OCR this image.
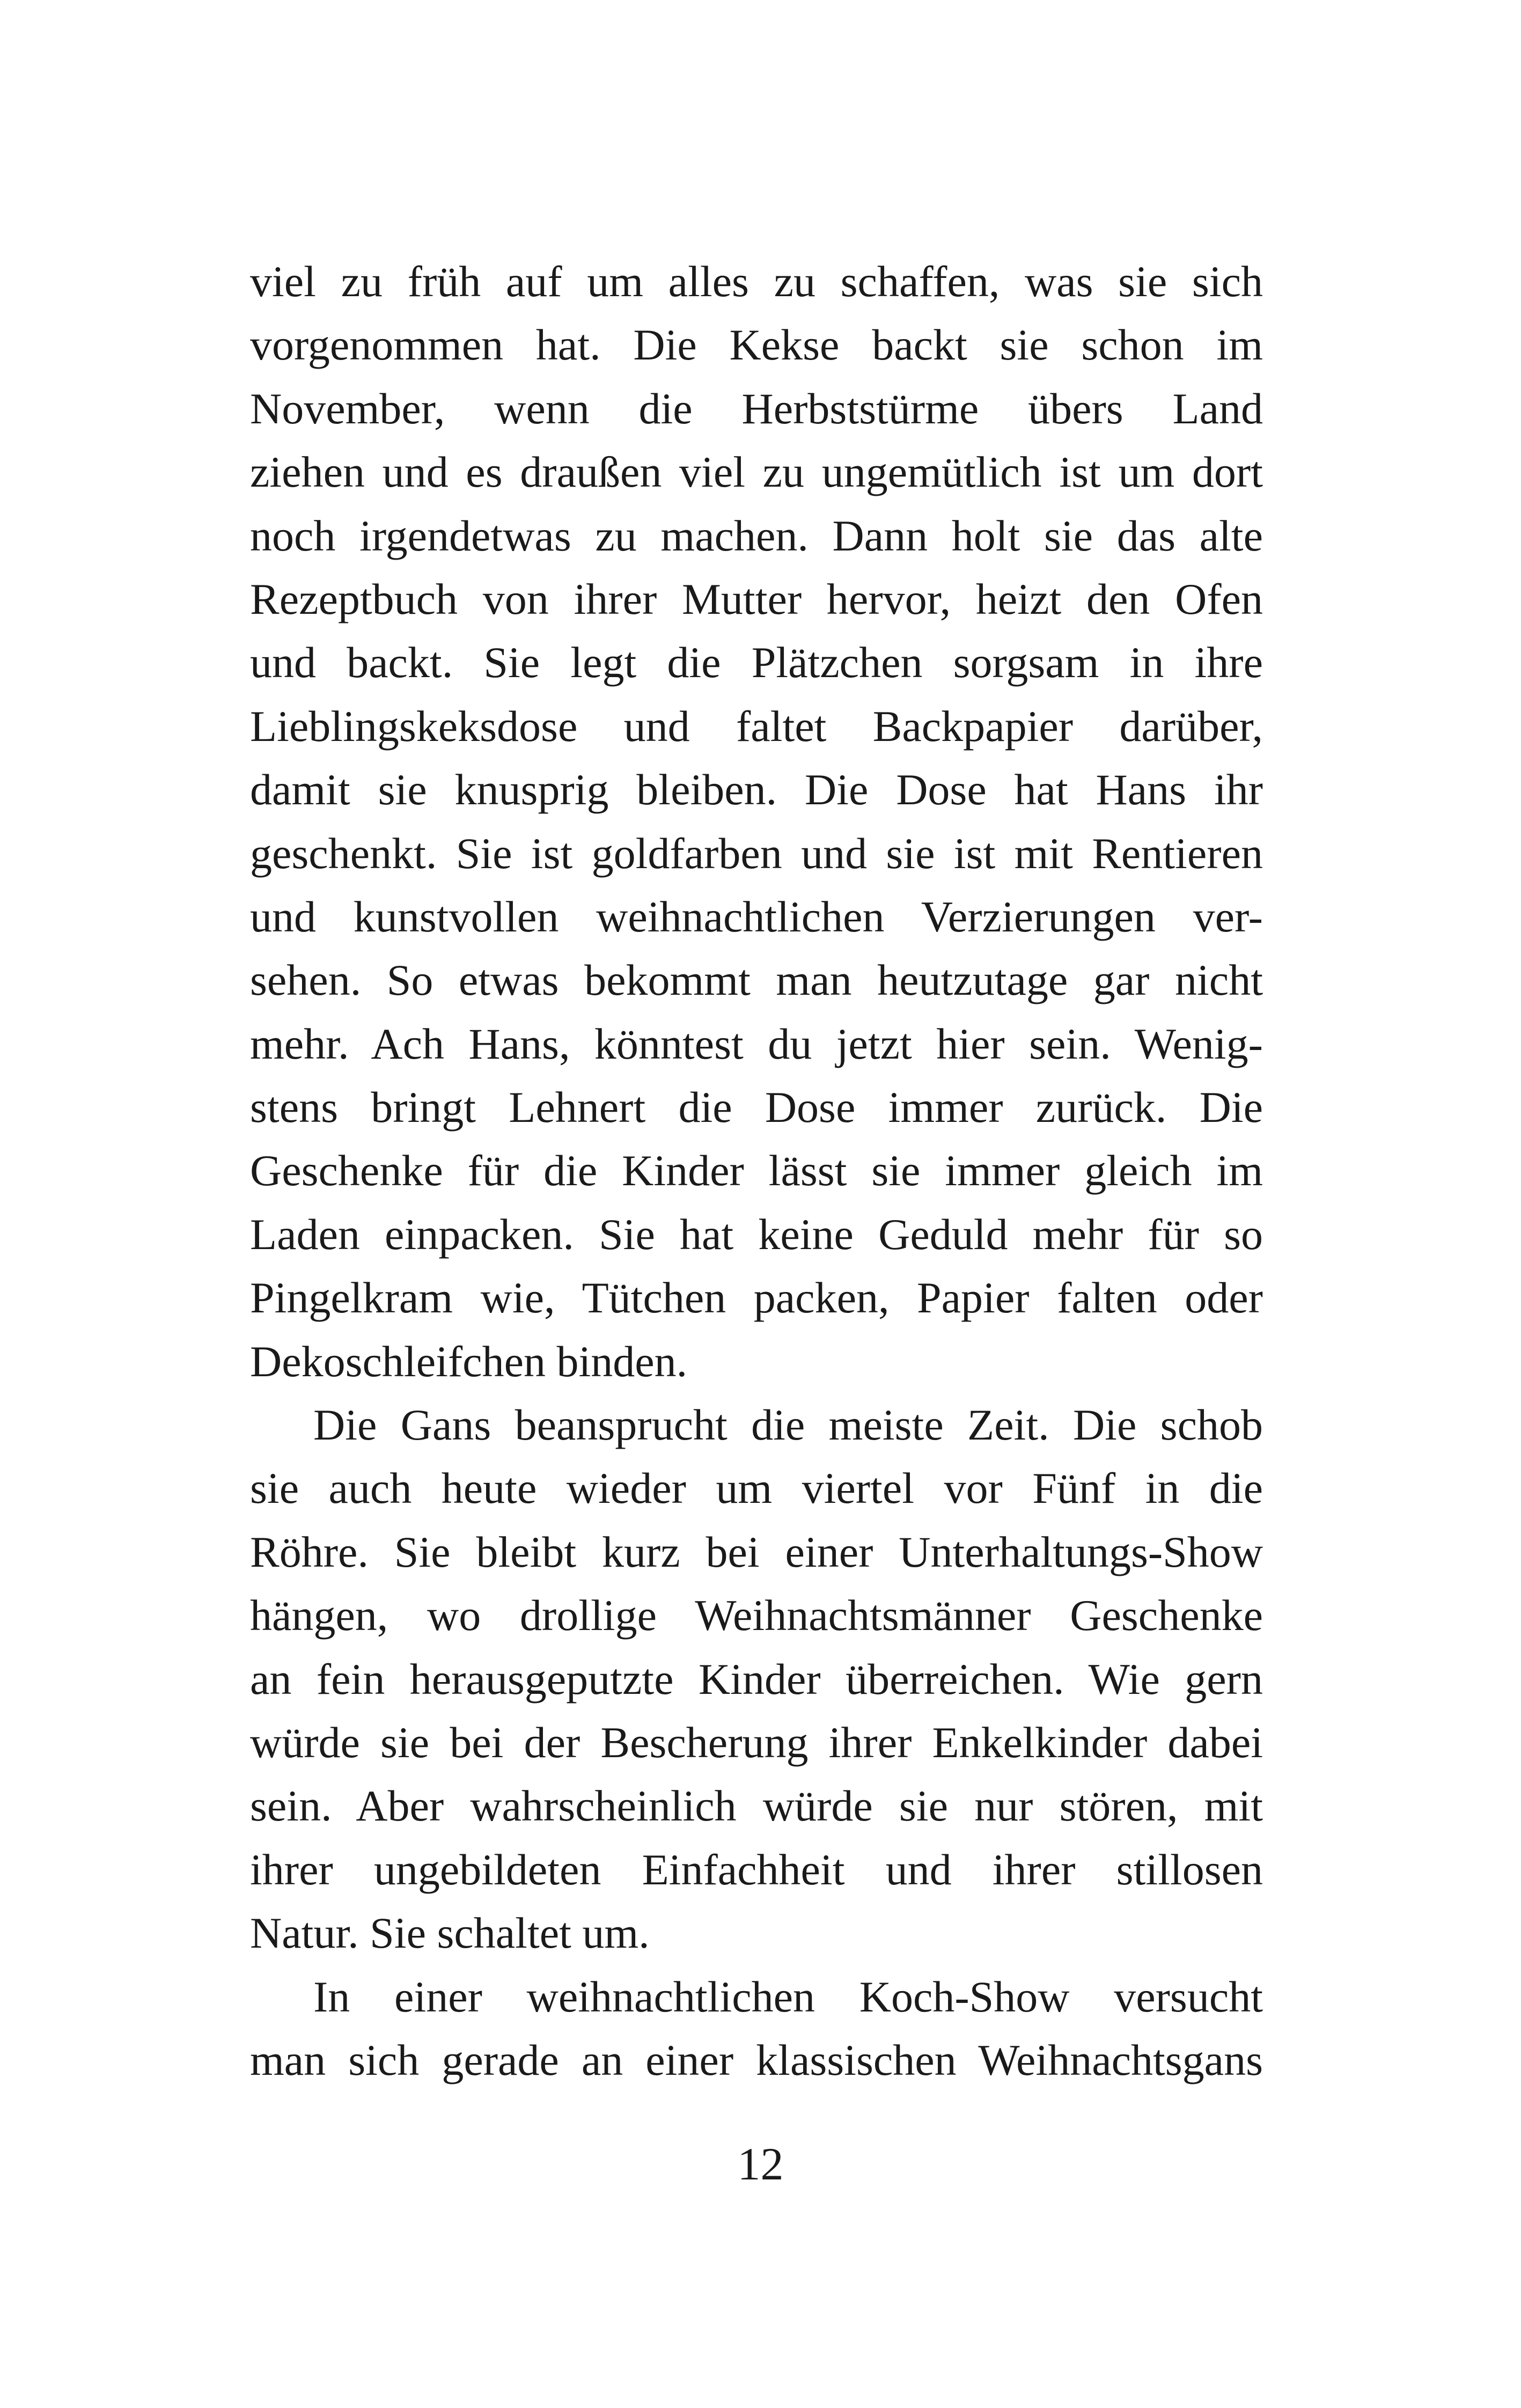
viel zu früh auf um alles zu schaffen, was sie sich
vorgenommen hat. Die Kekse backt sie schon im
November, wenn die Herbststürme übers Land
ziehen und es draußen viel zu ungemütlich ist um dort
noch irgendetwas zu machen. Dann holt sie das alte
Rezeptbuch von ihrer Mutter hervor, heizt den Ofen
und backt. Sie legt die Plätzchen sorgsam in ihre
Lieblingskeksdose und faltet Backpapier darüber,
damit sie knusprig bleiben. Die Dose hat Hans ihr
geschenkt. Sie ist goldfarben und sie ist mit Rentieren
und kunstvollen weihnachtlichen Verzierungen ver-
sehen. So etwas bekommt man heutzutage gar nicht
mehr. Ach Hans, könntest du jetzt hier sein. Wenig-
stens bringt Lehnert die Dose immer zurück. Die
Geschenke für die Kinder lässt sie immer gleich im
Laden einpacken. Sie hat keine Geduld mehr für so
Pingelkram wie, Tütchen packen, Papier falten oder
Dekoschleifchen binden.
Die Gans beansprucht die meiste Zeit. Die schob
sie auch heute wieder um viertel vor Fünf in die
Röhre. Sie bleibt kurz bei einer Unterhaltungs-Show
hängen, wo drollige Weihnachtsmänner Geschenke
an fein herausgeputzte Kinder überreichen. Wie gern
würde sie bei der Bescherung ihrer Enkelkinder dabei
sein. Aber wahrscheinlich würde sie nur stören, mit
ihrer ungebildeten Einfachheit und ihrer stillosen
Natur. Sie schaltet um.
In einer weihnachtlichen Koch-Show versucht
man sich gerade an einer klassischen Weihnachtsgans
12
